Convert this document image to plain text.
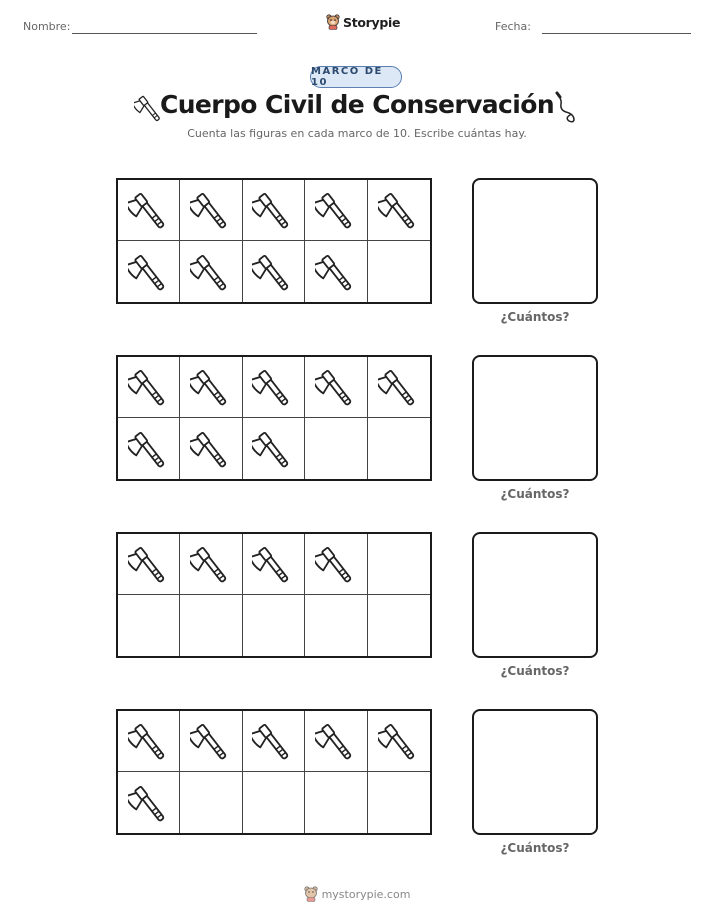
Nombre:	Storypie	Fecha:
MARCO DE 10
Cuerpo Civil de Conservación
Cuenta las figuras en cada marco de 10. Escribe cuántas hay.
¿Cuántos?
¿Cuántos?
¿Cuántos?
¿Cuántos?
mystorypie.com
